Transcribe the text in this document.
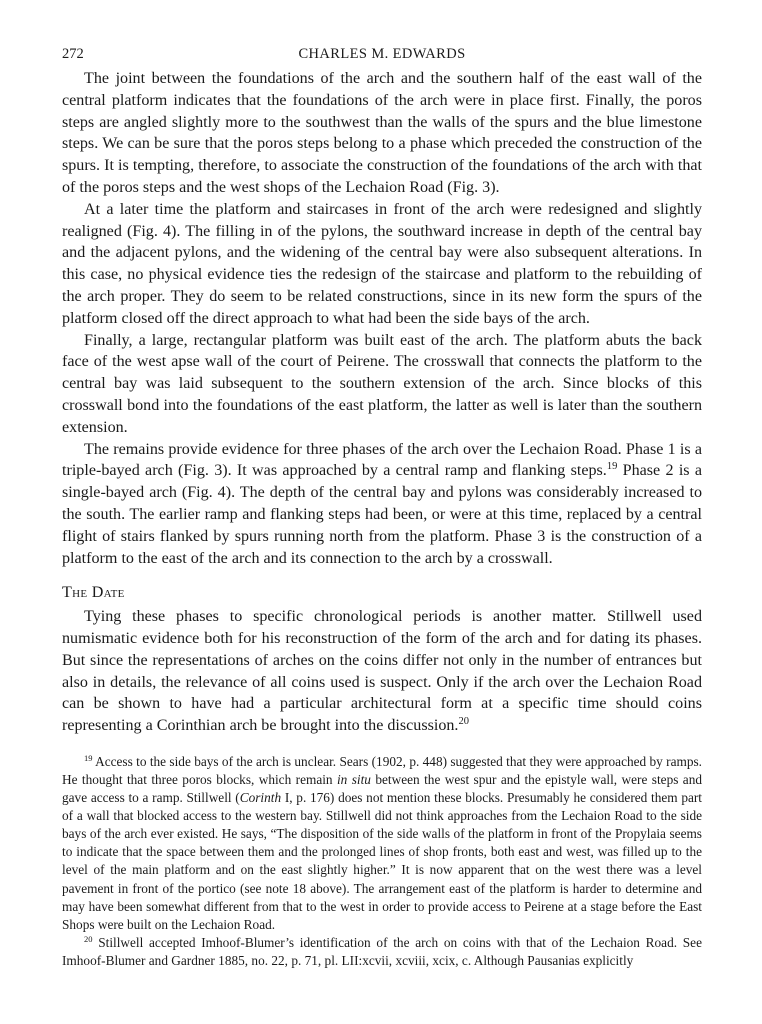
272	CHARLES M. EDWARDS

The joint between the foundations of the arch and the southern half of the east wall of the central platform indicates that the foundations of the arch were in place first. Finally, the poros steps are angled slightly more to the southwest than the walls of the spurs and the blue limestone steps. We can be sure that the poros steps belong to a phase which preceded the construction of the spurs. It is tempting, therefore, to associate the construction of the foundations of the arch with that of the poros steps and the west shops of the Lechaion Road (Fig. 3).

At a later time the platform and staircases in front of the arch were redesigned and slightly realigned (Fig. 4). The filling in of the pylons, the southward increase in depth of the central bay and the adjacent pylons, and the widening of the central bay were also subsequent alterations. In this case, no physical evidence ties the redesign of the staircase and platform to the rebuilding of the arch proper. They do seem to be related constructions, since in its new form the spurs of the platform closed off the direct approach to what had been the side bays of the arch.

Finally, a large, rectangular platform was built east of the arch. The platform abuts the back face of the west apse wall of the court of Peirene. The crosswall that connects the platform to the central bay was laid subsequent to the southern extension of the arch. Since blocks of this crosswall bond into the foundations of the east platform, the latter as well is later than the southern extension.

The remains provide evidence for three phases of the arch over the Lechaion Road. Phase 1 is a triple-bayed arch (Fig. 3). It was approached by a central ramp and flanking steps.$^{19}$ Phase 2 is a single-bayed arch (Fig. 4). The depth of the central bay and pylons was considerably increased to the south. The earlier ramp and flanking steps had been, or were at this time, replaced by a central flight of stairs flanked by spurs running north from the platform. Phase 3 is the construction of a platform to the east of the arch and its connection to the arch by a crosswall.

The Date

Tying these phases to specific chronological periods is another matter. Stillwell used numismatic evidence both for his reconstruction of the form of the arch and for dating its phases. But since the representations of arches on the coins differ not only in the number of entrances but also in details, the relevance of all coins used is suspect. Only if the arch over the Lechaion Road can be shown to have had a particular architectural form at a specific time should coins representing a Corinthian arch be brought into the discussion.$^{20}$

$^{19}$ Access to the side bays of the arch is unclear. Sears (1902, p. 448) suggested that they were approached by ramps. He thought that three poros blocks, which remain in situ between the west spur and the epistyle wall, were steps and gave access to a ramp. Stillwell (Corinth I, p. 176) does not mention these blocks. Presumably he considered them part of a wall that blocked access to the western bay. Stillwell did not think approaches from the Lechaion Road to the side bays of the arch ever existed. He says, “The disposition of the side walls of the platform in front of the Propylaia seems to indicate that the space between them and the prolonged lines of shop fronts, both east and west, was filled up to the level of the main platform and on the east slightly higher.” It is now apparent that on the west there was a level pavement in front of the portico (see note 18 above). The arrangement east of the platform is harder to determine and may have been somewhat different from that to the west in order to provide access to Peirene at a stage before the East Shops were built on the Lechaion Road.

$^{20}$ Stillwell accepted Imhoof-Blumer’s identification of the arch on coins with that of the Lechaion Road. See Imhoof-Blumer and Gardner 1885, no. 22, p. 71, pl. LII:xcvii, xcviii, xcix, c. Although Pausanias explicitly
